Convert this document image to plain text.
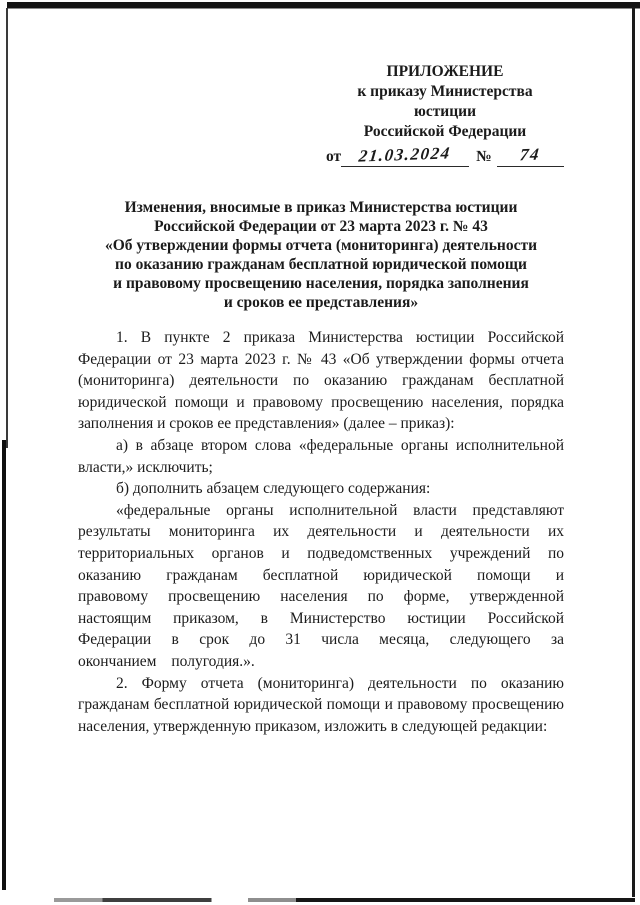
ПРИЛОЖЕНИЕ
к приказу Министерства юстиции
Российской Федерации
от	21.03.2024	№	74
Изменения, вносимые в приказ Министерства юстиции
Российской Федерации от 23 марта 2023 г. № 43
«Об утверждении формы отчета (мониторинга) деятельности
по оказанию гражданам бесплатной юридической помощи
и правовому просвещению населения, порядка заполнения
и сроков ее представления»

1. В пункте 2 приказа Министерства юстиции Российской Федерации от 23 марта 2023 г. № 43 «Об утверждении формы отчета (мониторинга) деятельности по оказанию гражданам бесплатной юридической помощи и правовому просвещению населения, порядка заполнения и сроков ее представления» (далее – приказ):

а) в абзаце втором слова «федеральные органы исполнительной власти,» исключить;

б) дополнить абзацем следующего содержания:

«федеральные органы исполнительной власти представляют результаты мониторинга их деятельности и деятельности их территориальных органов и подведомственных учреждений по оказанию гражданам бесплатной юридической помощи и правовому просвещению населения по форме, утвержденной настоящим приказом, в Министерство юстиции Российской Федерации в срок до 31 числа месяца, следующего за окончанием полугодия.».

2. Форму отчета (мониторинга) деятельности по оказанию гражданам бесплатной юридической помощи и правовому просвещению населения, утвержденную приказом, изложить в следующей редакции:
